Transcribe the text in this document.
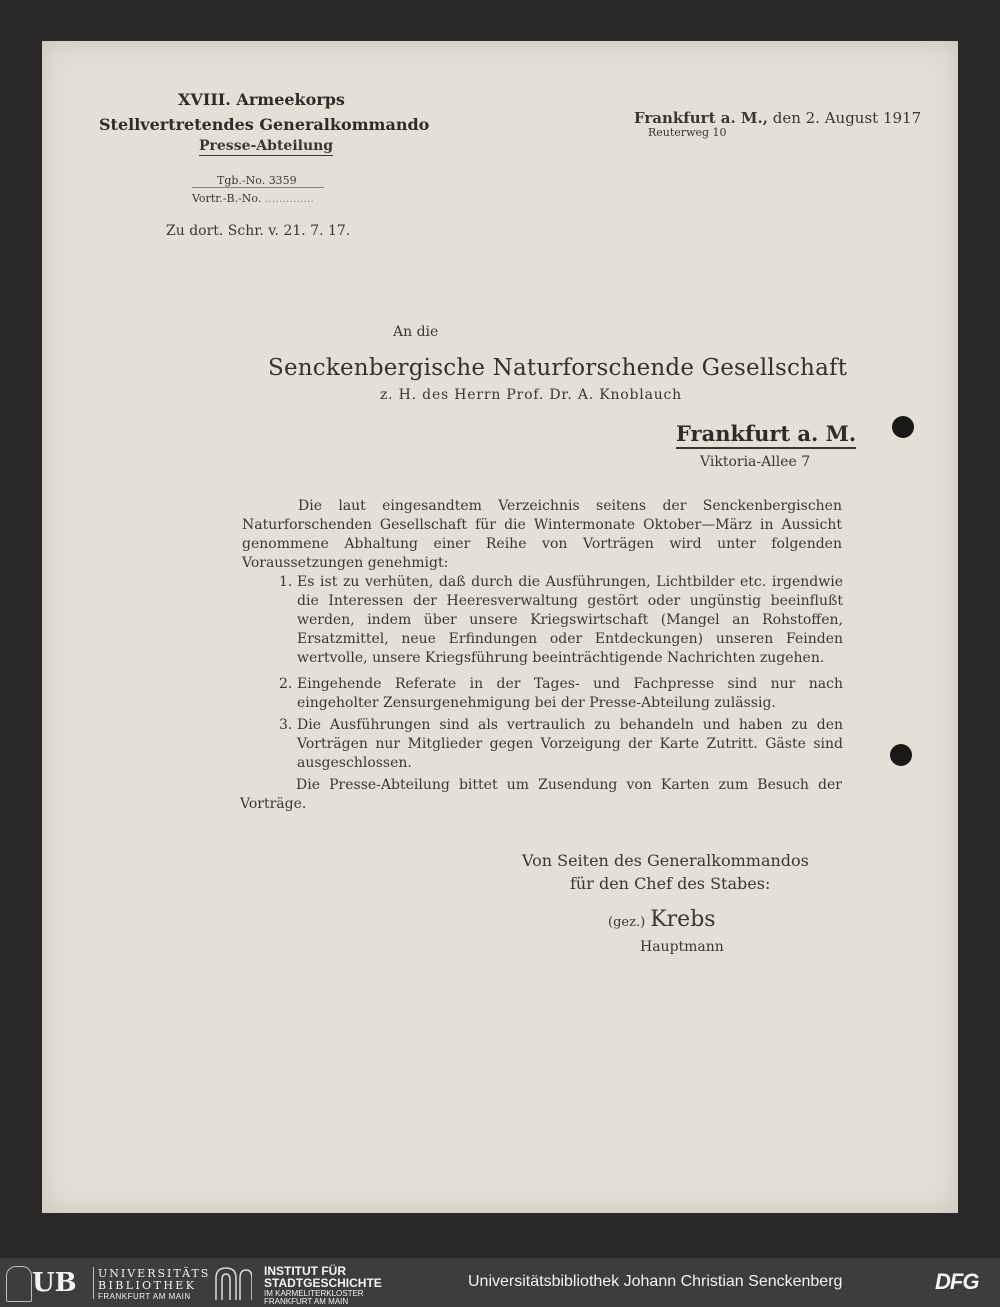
XVIII. Armeekorps
Stellvertretendes Generalkommando
Presse-Abteilung
Tgb.-No. 3359
Vortr.-B.-No. ..............
Zu dort. Schr. v. 21. 7. 17.
Frankfurt a. M., den 2. August 1917
Reuterweg 10
An die
Senckenbergische Naturforschende Gesellschaft
z. H. des Herrn Prof. Dr. A. Knoblauch
Frankfurt a. M.
Viktoria-Allee 7
Die laut eingesandtem Verzeichnis seitens der Senckenbergischen Naturforschenden Gesellschaft für die Wintermonate Oktober—März in Aussicht genommene Abhaltung einer Reihe von Vorträgen wird unter folgenden Voraussetzungen genehmigt:
1. Es ist zu verhüten, daß durch die Ausführungen, Lichtbilder etc. irgendwie die Interessen der Heeresverwaltung gestört oder ungünstig beeinflußt werden, indem über unsere Kriegswirtschaft (Mangel an Rohstoffen, Ersatzmittel, neue Erfindungen oder Entdeckungen) unseren Feinden wertvolle, unsere Kriegsführung beeinträchtigende Nachrichten zugehen.
2. Eingehende Referate in der Tages- und Fachpresse sind nur nach eingeholter Zensurgenehmigung bei der Presse-Abteilung zulässig.
3. Die Ausführungen sind als vertraulich zu behandeln und haben zu den Vorträgen nur Mitglieder gegen Vorzeigung der Karte Zutritt. Gäste sind ausgeschlossen.
Die Presse-Abteilung bittet um Zusendung von Karten zum Besuch der Vorträge.
Von Seiten des Generalkommandos
für den Chef des Stabes:
(gez.) Krebs
Hauptmann
UB UNIVERSITÄTS
BIBLIOTHEK
FRANKFURT AM MAIN
INSTITUT FÜR
STADTGESCHICHTE
IM KARMELITERKLOSTER
FRANKFURT AM MAIN
Universitätsbibliothek Johann Christian Senckenberg	DFG
